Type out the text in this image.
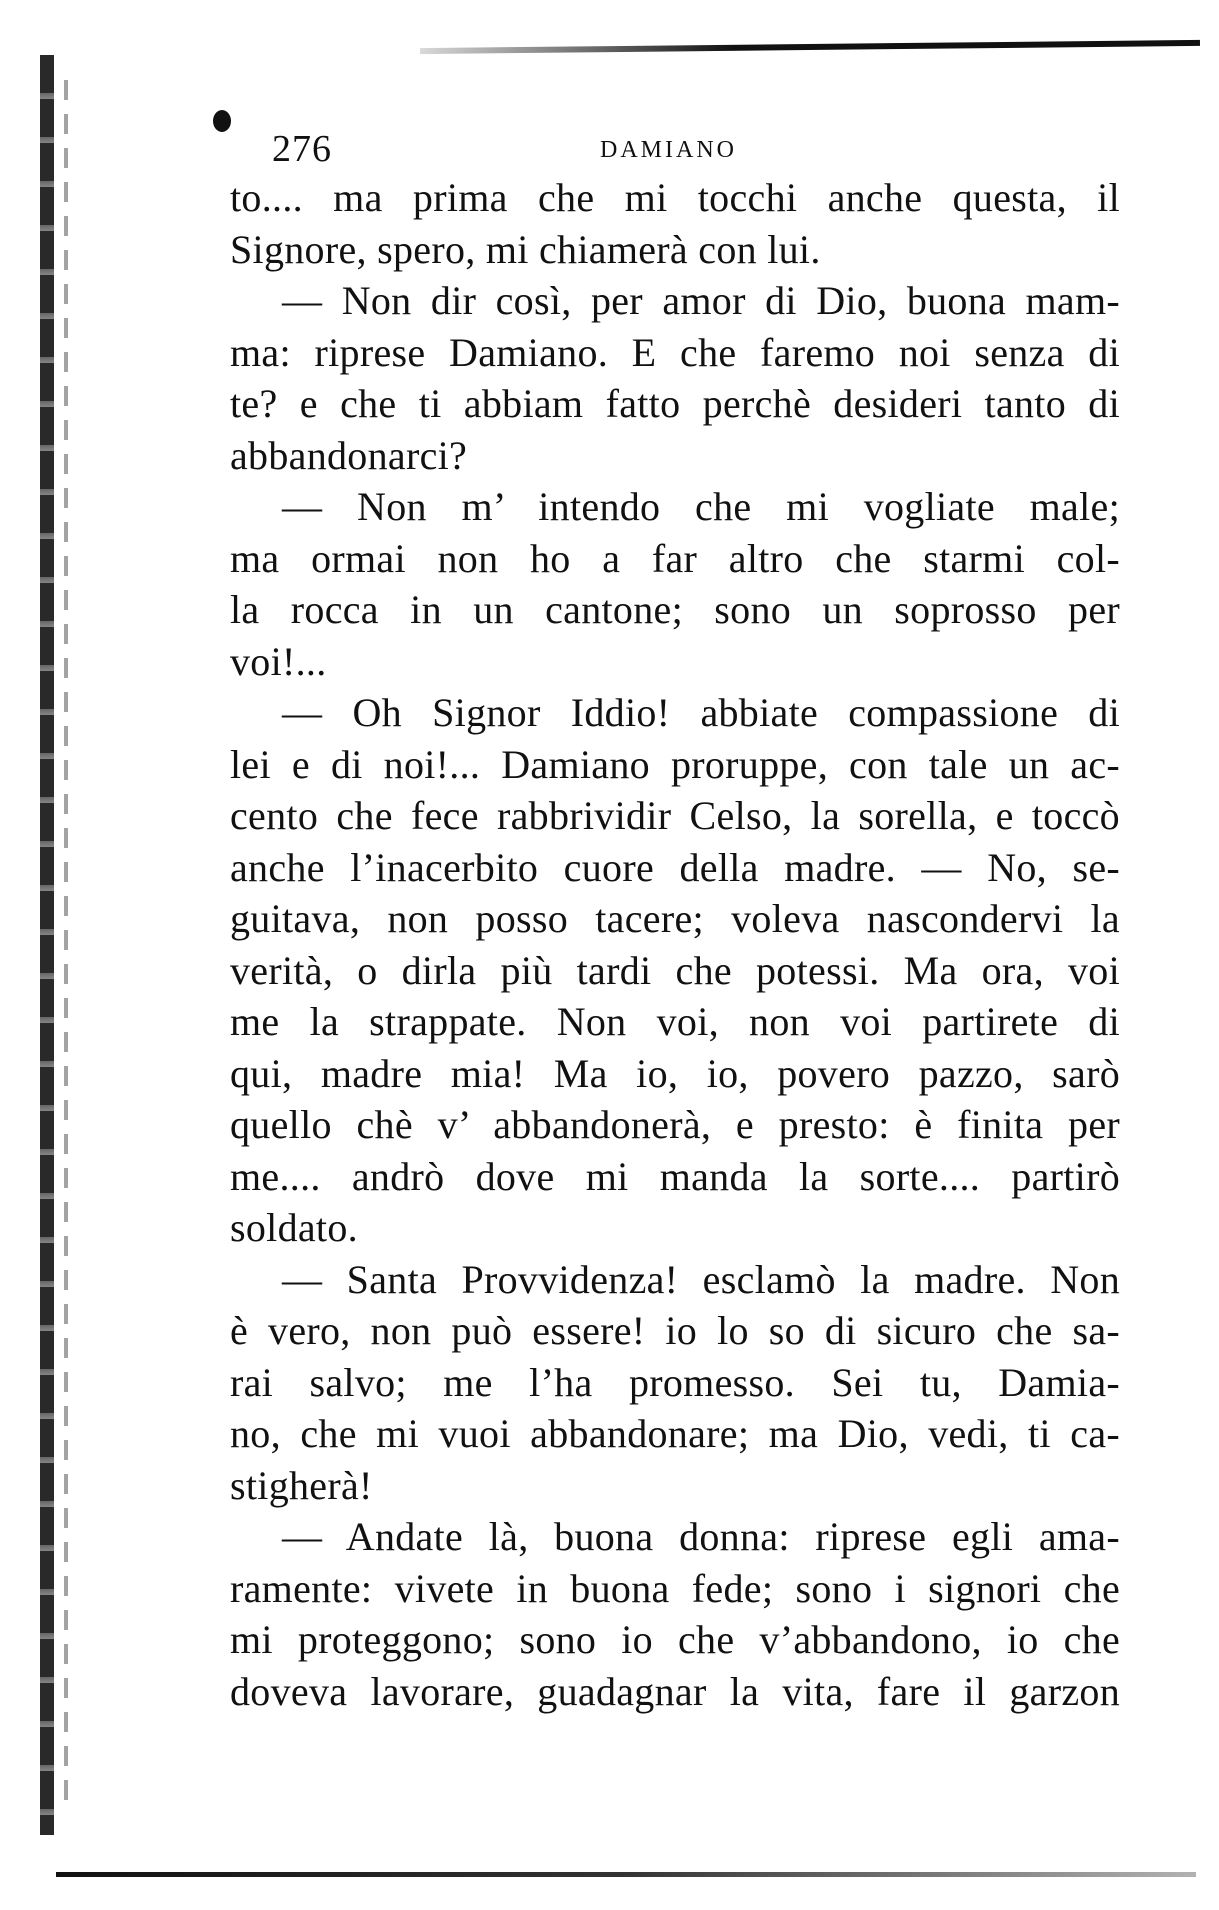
276	DAMIANO
to.... ma prima che mi tocchi anche questa, il
Signore, spero, mi chiamerà con lui.
— Non dir così, per amor di Dio, buona mam-
ma: riprese Damiano. E che faremo noi senza di
te? e che ti abbiam fatto perchè desideri tanto di
abbandonarci?
— Non m’ intendo che mi vogliate male;
ma ormai non ho a far altro che starmi col-
la rocca in un cantone; sono un soprosso per
voi!...
— Oh Signor Iddio! abbiate compassione di
lei e di noi!... Damiano proruppe, con tale un ac-
cento che fece rabbrividir Celso, la sorella, e toccò
anche l’inacerbito cuore della madre. — No, se-
guitava, non posso tacere; voleva nascondervi la
verità, o dirla più tardi che potessi. Ma ora, voi
me la strappate. Non voi, non voi partirete di
qui, madre mia! Ma io, io, povero pazzo, sarò
quello chè v’ abbandonerà, e presto: è finita per
me.... andrò dove mi manda la sorte.... partirò
soldato.
— Santa Provvidenza! esclamò la madre. Non
è vero, non può essere! io lo so di sicuro che sa-
rai salvo; me l’ha promesso. Sei tu, Damia-
no, che mi vuoi abbandonare; ma Dio, vedi, ti ca-
stigherà!
— Andate là, buona donna: riprese egli ama-
ramente: vivete in buona fede; sono i signori che
mi proteggono; sono io che v’abbandono, io che
doveva lavorare, guadagnar la vita, fare il garzon
